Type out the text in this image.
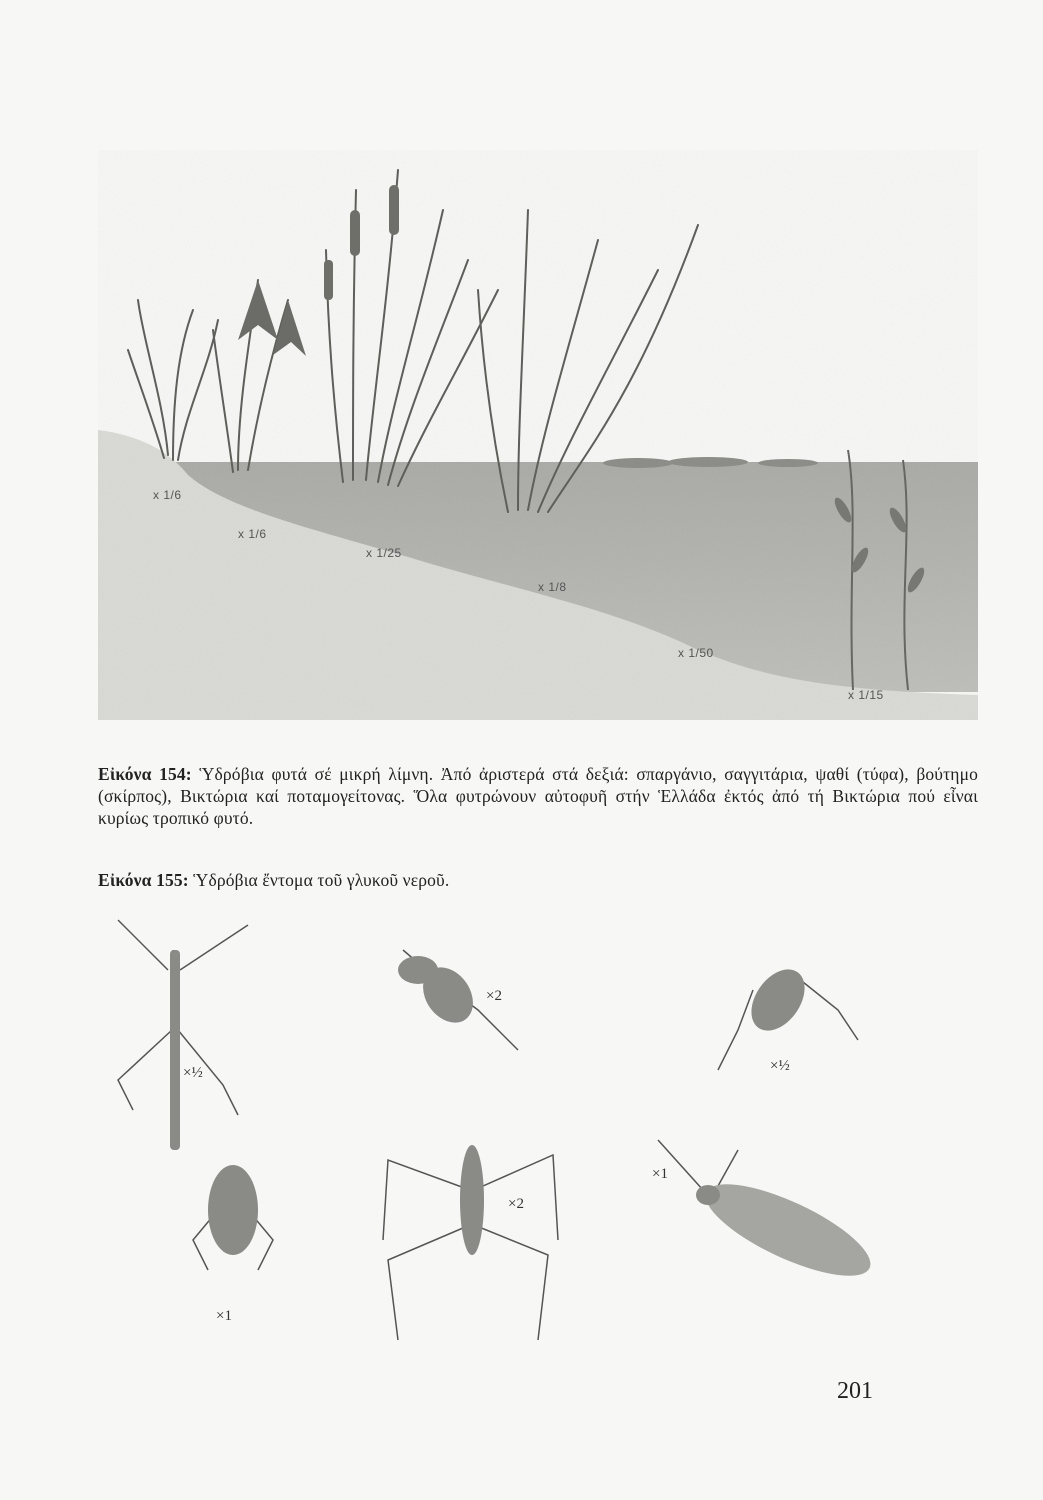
x 1/6
x 1/6
x 1/25
x 1/8
x 1/50
x 1/15

Εἰκόνα 154: Ὑδρόβια φυτά σέ μικρή λίμνη. Ἀπό ἀριστερά στά δεξιά: σπαργάνιο, σαγγιτάρια, ψαθί (τύφα), βούτημο (σκίρπος), Βικτώρια καί ποταμογείτονας. Ὅλα φυτρώνουν αὐτοφυῆ στήν Ἑλλάδα ἐκτός ἀπό τή Βικτώρια πού εἶναι κυρίως τροπικό φυτό.

Εἰκόνα 155: Ὑδρόβια ἔντομα τοῦ γλυκοῦ νεροῦ.

×½
×2
×½
×1
×2
×1
201
